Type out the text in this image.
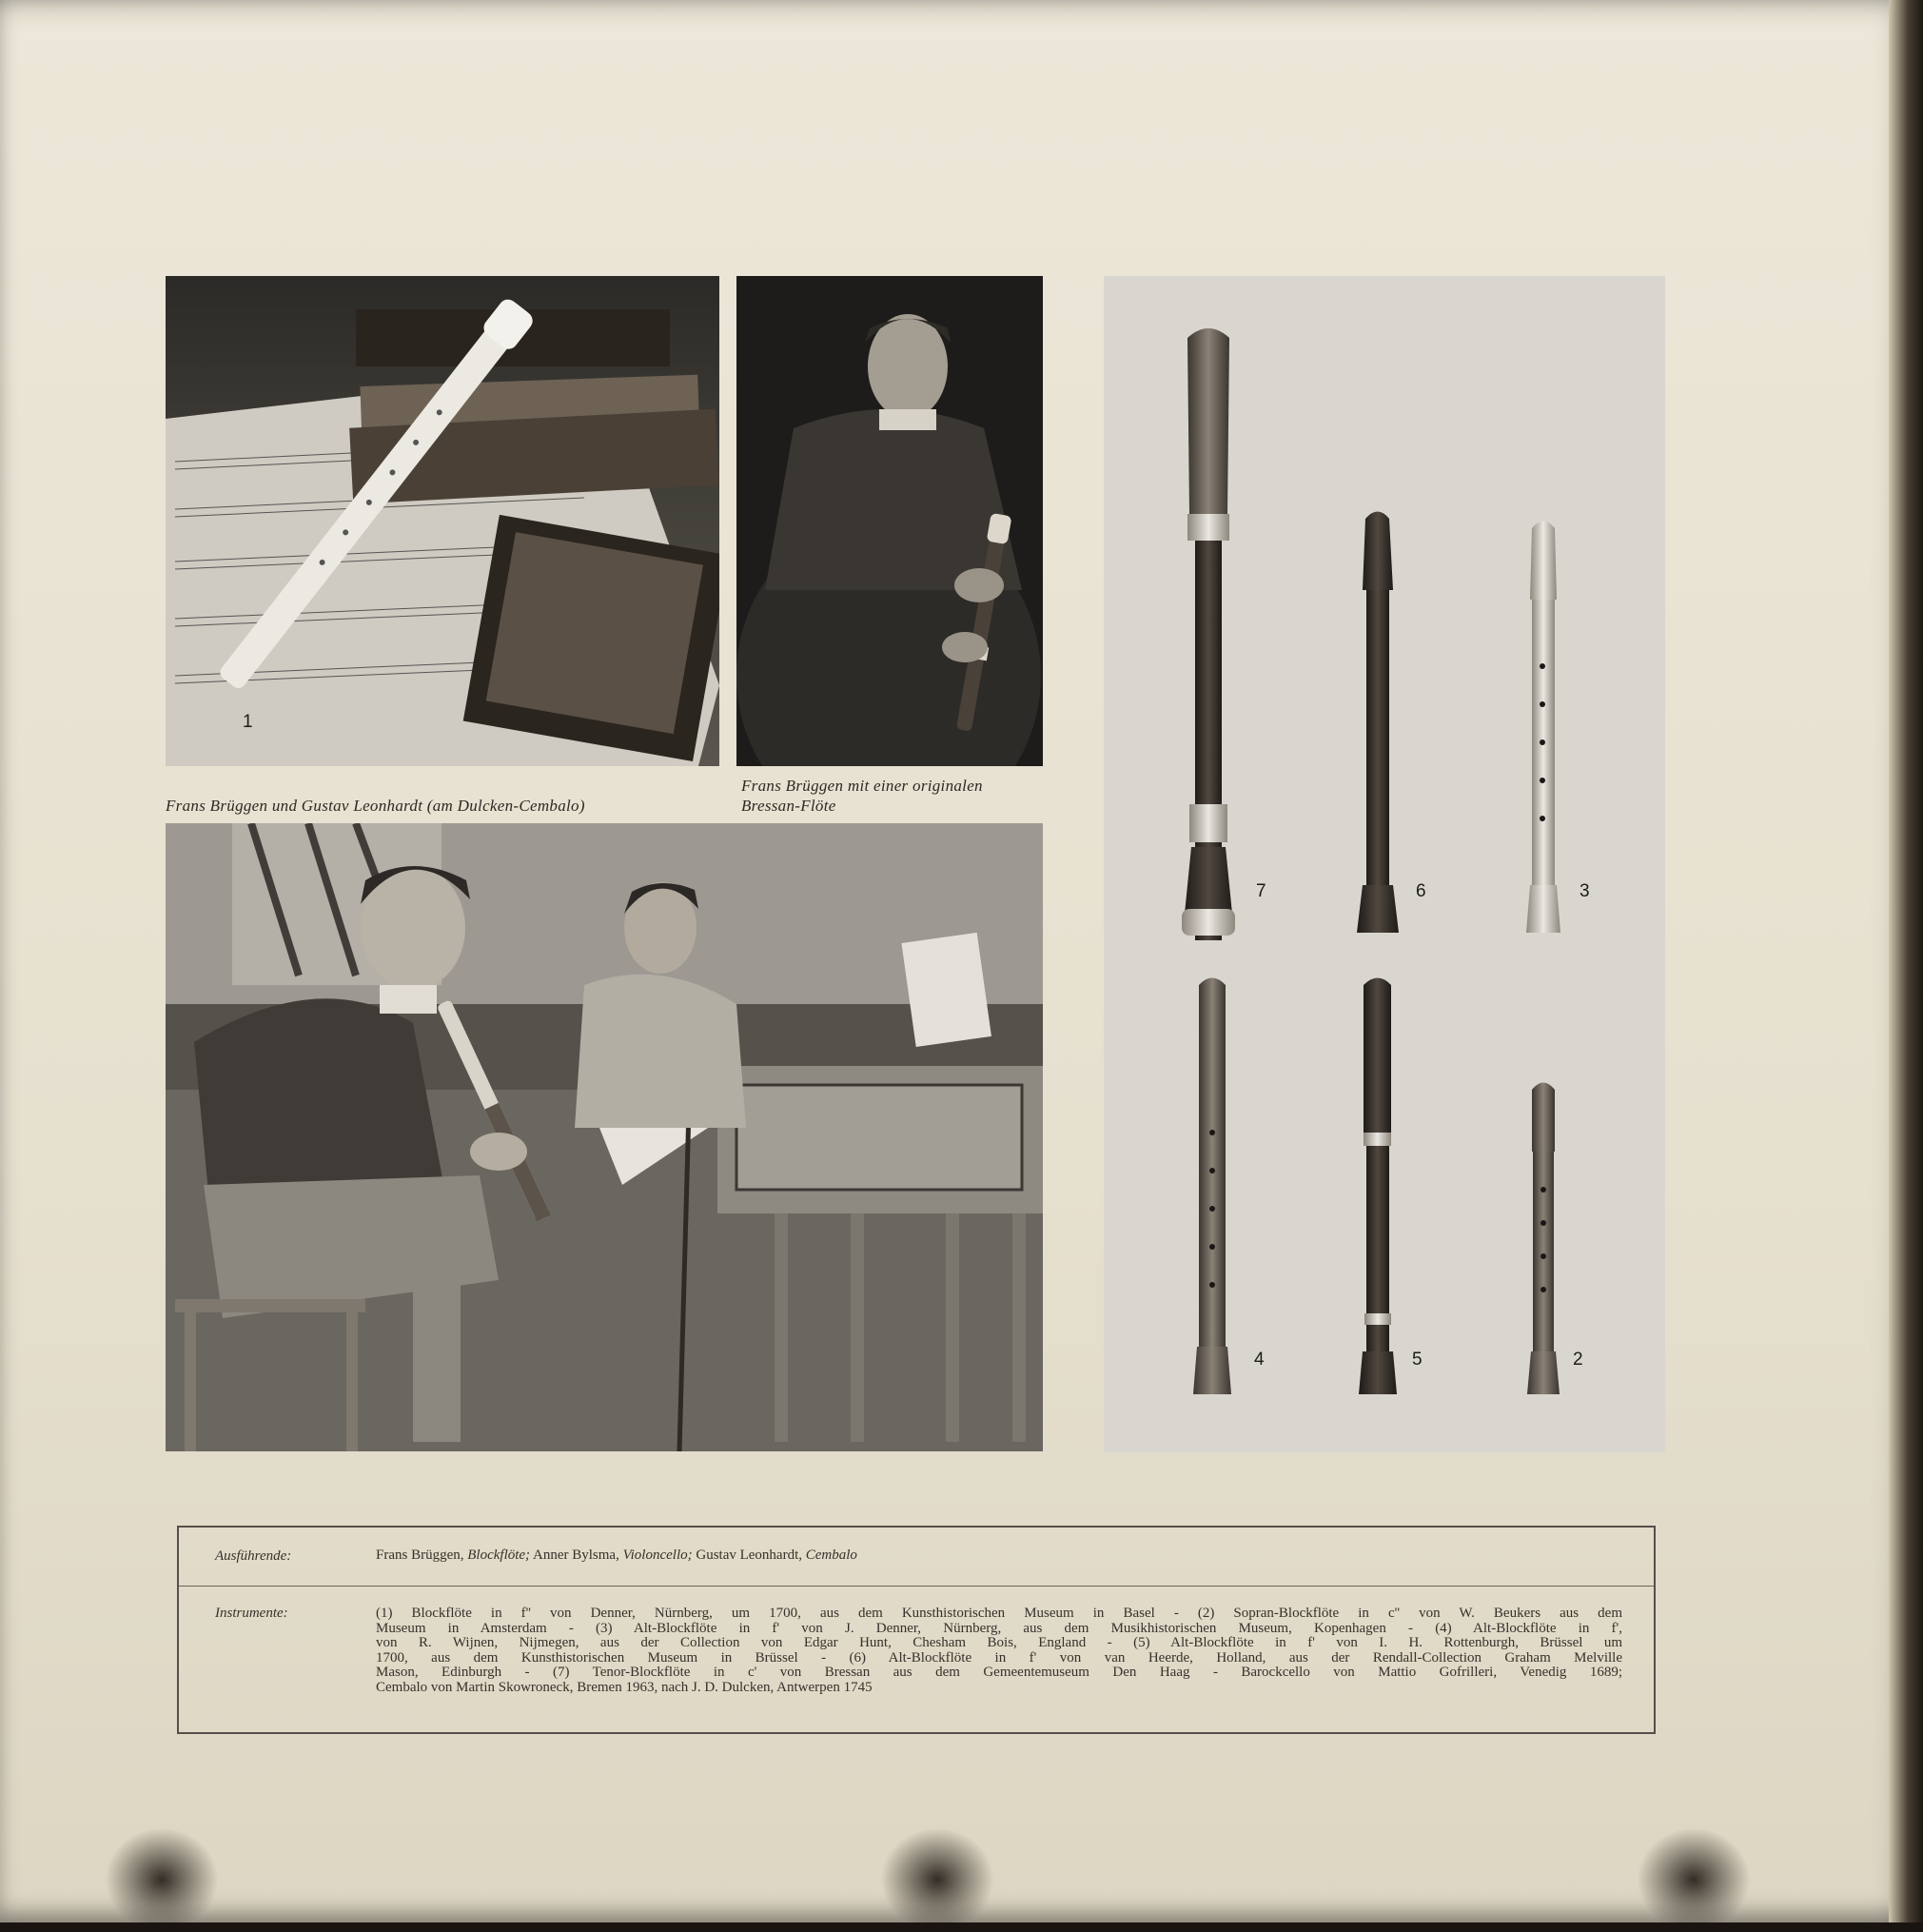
1
Frans Brüggen und Gustav Leonhardt (am Dulcken-Cembalo)
Frans Brüggen mit einer originalen
Bressan-Flöte
7	6	3
4	5	2
Ausführende:	Frans Brüggen, Blockflöte; Anner Bylsma, Violoncello; Gustav Leonhardt, Cembalo
Instrumente:	(1) Blockflöte in f'' von Denner, Nürnberg, um 1700, aus dem Kunsthistorischen Museum in Basel - (2) Sopran-Blockflöte in c'' von W. Beukers aus dem
Museum in Amsterdam - (3) Alt-Blockflöte in f' von J. Denner, Nürnberg, aus dem Musikhistorischen Museum, Kopenhagen - (4) Alt-Blockflöte in f',
von R. Wijnen, Nijmegen, aus der Collection von Edgar Hunt, Chesham Bois, England - (5) Alt-Blockflöte in f' von I. H. Rottenburgh, Brüssel um
1700, aus dem Kunsthistorischen Museum in Brüssel - (6) Alt-Blockflöte in f' von van Heerde, Holland, aus der Rendall-Collection Graham Melville
Mason, Edinburgh - (7) Tenor-Blockflöte in c' von Bressan aus dem Gemeentemuseum Den Haag - Barockcello von Mattio Gofrilleri, Venedig 1689;
Cembalo von Martin Skowroneck, Bremen 1963, nach J. D. Dulcken, Antwerpen 1745
